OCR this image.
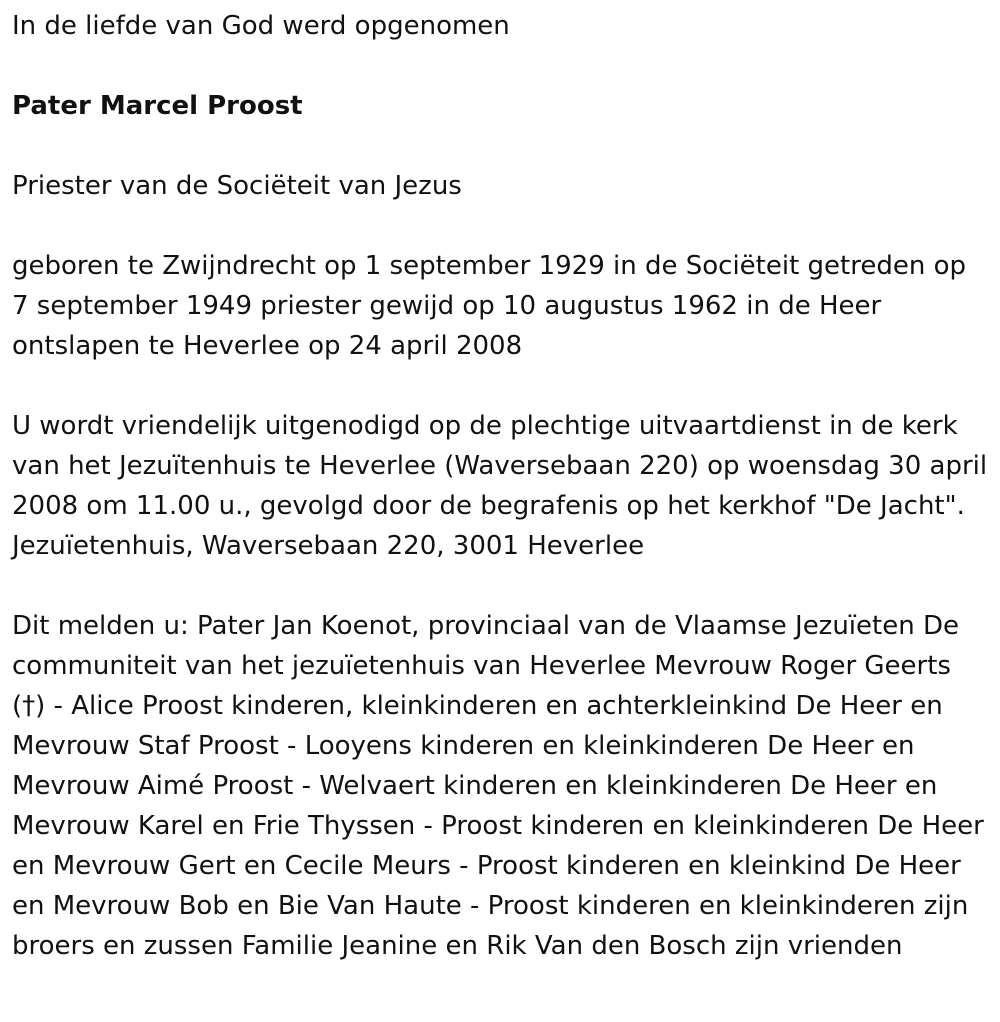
In de liefde van God werd opgenomen

Pater Marcel Proost

Priester van de Sociëteit van Jezus

geboren te Zwijndrecht op 1 september 1929 in de Sociëteit getreden op 7 september 1949 priester gewijd op 10 augustus 1962 in de Heer ontslapen te Heverlee op 24 april 2008

U wordt vriendelijk uitgenodigd op de plechtige uitvaartdienst in de kerk van het Jezuïtenhuis te Heverlee (Waversebaan 220) op woensdag 30 april 2008 om 11.00 u., gevolgd door de begrafenis op het kerkhof "De Jacht". Jezuïetenhuis, Waversebaan 220, 3001 Heverlee

Dit melden u: Pater Jan Koenot, provinciaal van de Vlaamse Jezuïeten De communiteit van het jezuïetenhuis van Heverlee Mevrouw Roger Geerts (†) - Alice Proost kinderen, kleinkinderen en achterkleinkind De Heer en Mevrouw Staf Proost - Looyens kinderen en kleinkinderen De Heer en Mevrouw Aimé Proost - Welvaert kinderen en kleinkinderen De Heer en Mevrouw Karel en Frie Thyssen - Proost kinderen en kleinkinderen De Heer en Mevrouw Gert en Cecile Meurs - Proost kinderen en kleinkind De Heer en Mevrouw Bob en Bie Van Haute - Proost kinderen en kleinkinderen zijn broers en zussen Familie Jeanine en Rik Van den Bosch zijn vrienden
